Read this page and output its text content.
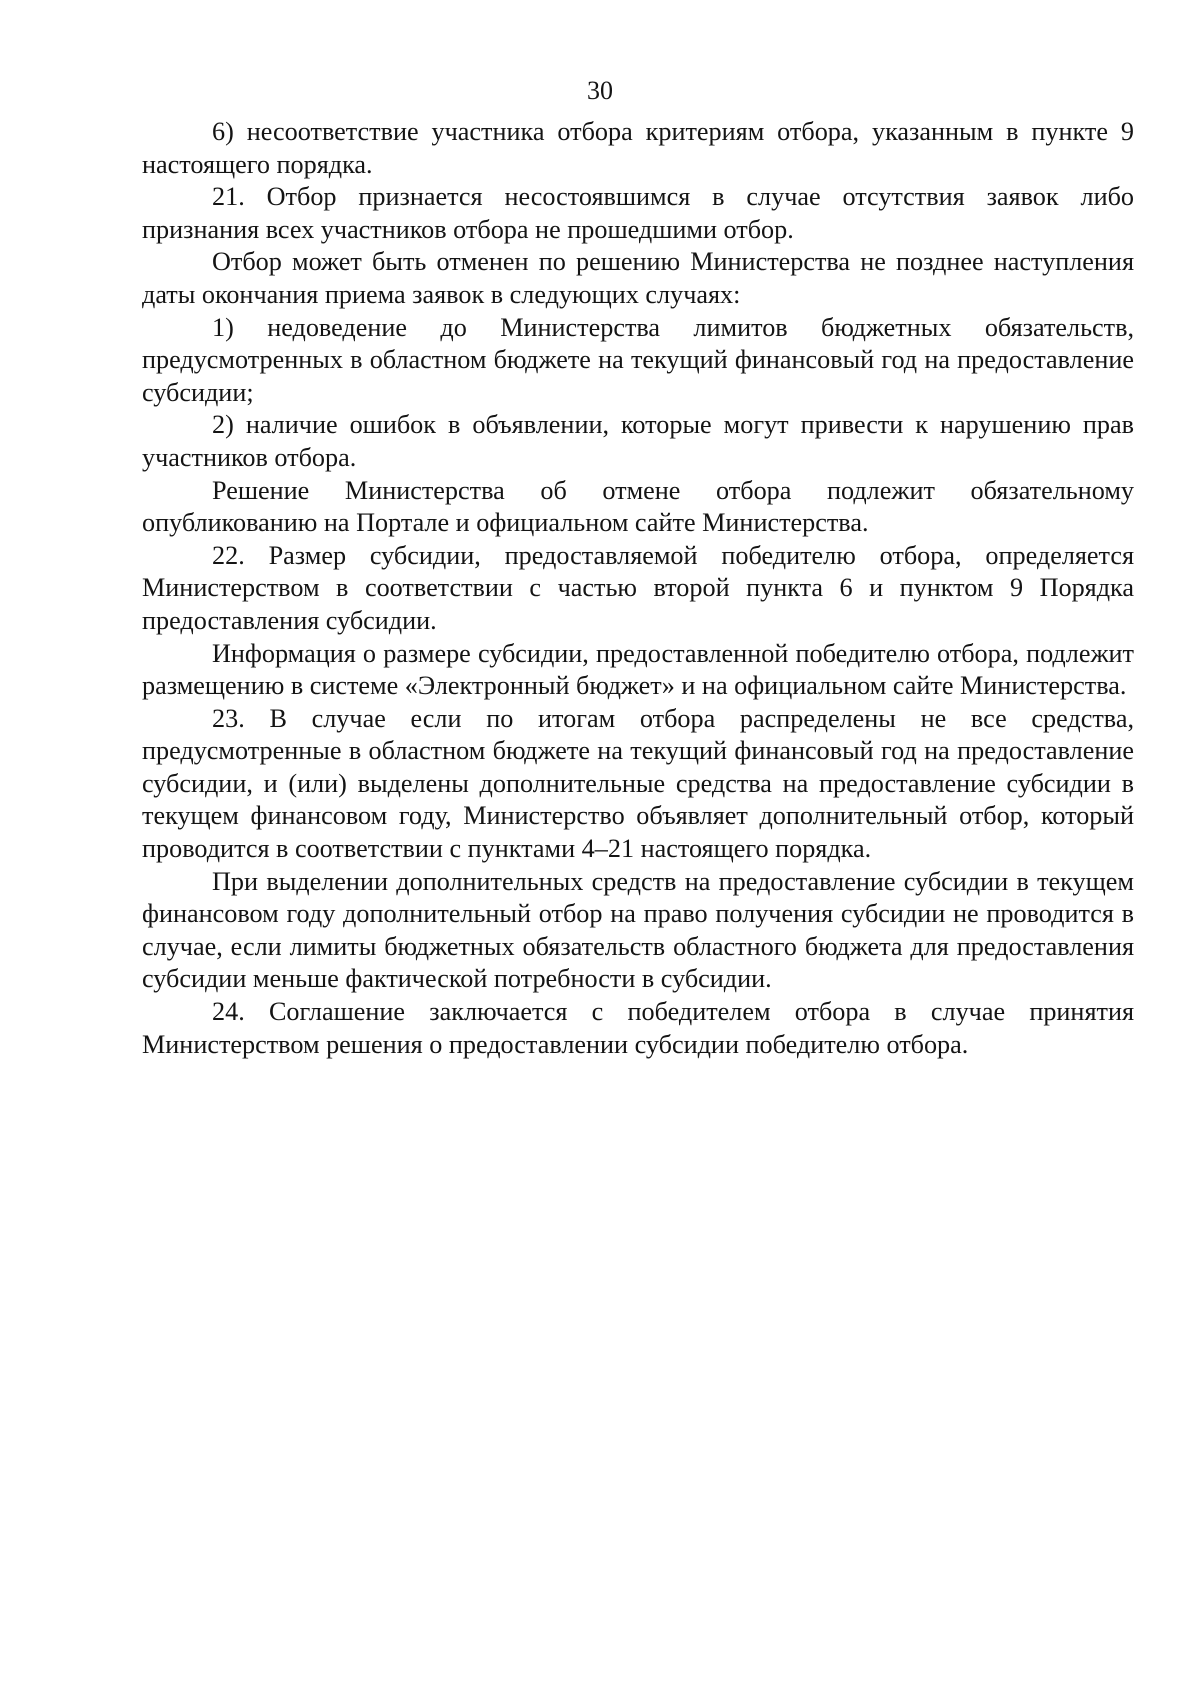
30

6) несоответствие участника отбора критериям отбора, указанным в пункте 9 настоящего порядка.

21. Отбор признается несостоявшимся в случае отсутствия заявок либо признания всех участников отбора не прошедшими отбор.

Отбор может быть отменен по решению Министерства не позднее наступления даты окончания приема заявок в следующих случаях:

1) недоведение до Министерства лимитов бюджетных обязательств, предусмотренных в областном бюджете на текущий финансовый год на предоставление субсидии;

2) наличие ошибок в объявлении, которые могут привести к нарушению прав участников отбора.

Решение Министерства об отмене отбора подлежит обязательному опубликованию на Портале и официальном сайте Министерства.

22. Размер субсидии, предоставляемой победителю отбора, определяется Министерством в соответствии с частью второй пункта 6 и пунктом 9 Порядка предоставления субсидии.

Информация о размере субсидии, предоставленной победителю отбора, подлежит размещению в системе «Электронный бюджет» и на официальном сайте Министерства.

23. В случае если по итогам отбора распределены не все средства, предусмотренные в областном бюджете на текущий финансовый год на предоставление субсидии, и (или) выделены дополнительные средства на предоставление субсидии в текущем финансовом году, Министерство объявляет дополнительный отбор, который проводится в соответствии с пунктами 4–21 настоящего порядка.

При выделении дополнительных средств на предоставление субсидии в текущем финансовом году дополнительный отбор на право получения субсидии не проводится в случае, если лимиты бюджетных обязательств областного бюджета для предоставления субсидии меньше фактической потребности в субсидии.

24. Соглашение заключается с победителем отбора в случае принятия Министерством решения о предоставлении субсидии победителю отбора.
